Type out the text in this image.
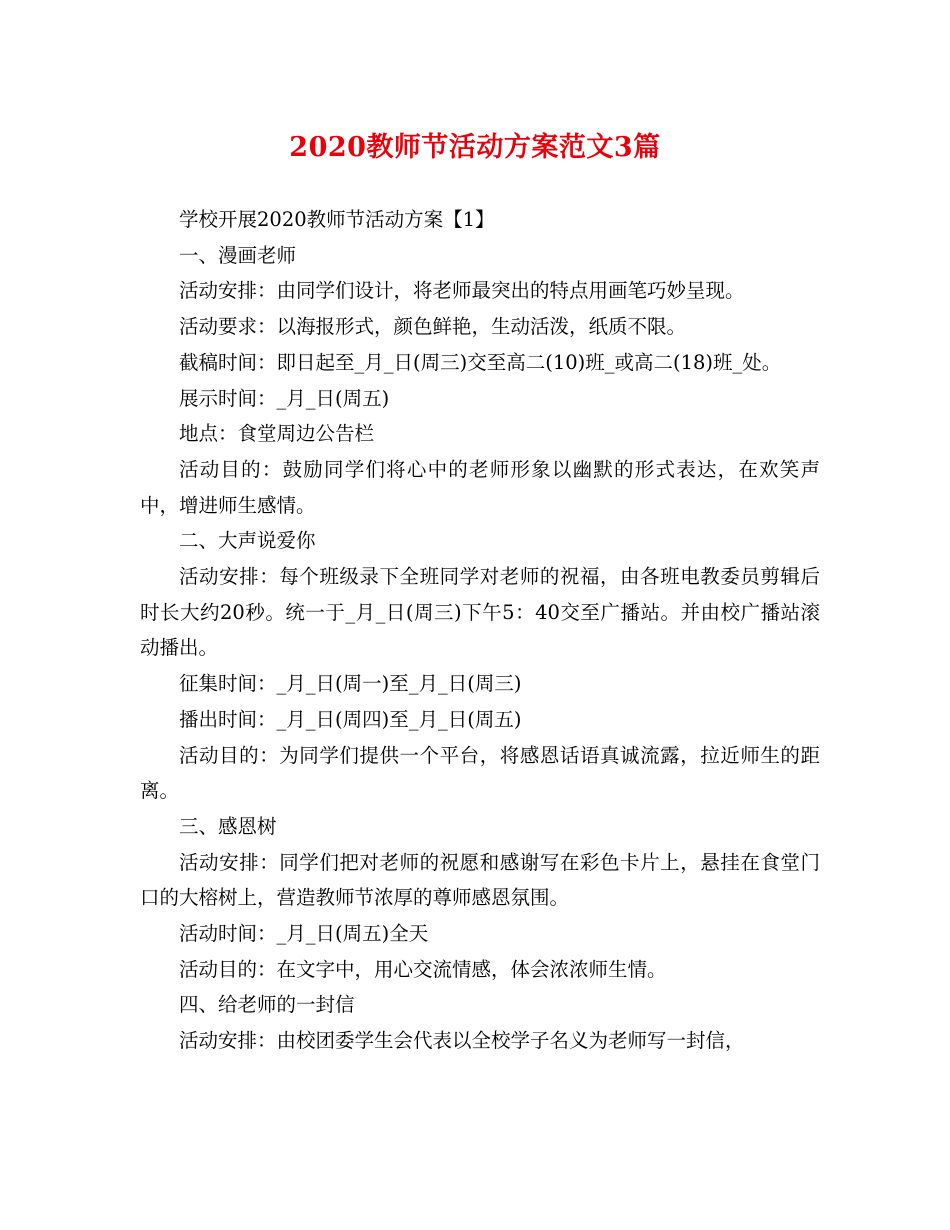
2020教师节活动方案范文3篇

学校开展2020教师节活动方案【1】

一、漫画老师

活动安排：由同学们设计，将老师最突出的特点用画笔巧妙呈现。

活动要求：以海报形式，颜色鲜艳，生动活泼，纸质不限。

截稿时间：即日起至_月_日(周三)交至高二(10)班_或高二(18)班_处。

展示时间：_月_日(周五)

地点：食堂周边公告栏

活动目的：鼓励同学们将心中的老师形象以幽默的形式表达，在欢笑声中，增进师生感情。

二、大声说爱你

活动安排：每个班级录下全班同学对老师的祝福，由各班电教委员剪辑后时长大约20秒。统一于_月_日(周三)下午5：40交至广播站。并由校广播站滚动播出。

征集时间：_月_日(周一)至_月_日(周三)

播出时间：_月_日(周四)至_月_日(周五)

活动目的：为同学们提供一个平台，将感恩话语真诚流露，拉近师生的距离。

三、感恩树

活动安排：同学们把对老师的祝愿和感谢写在彩色卡片上，悬挂在食堂门口的大榕树上，营造教师节浓厚的尊师感恩氛围。

活动时间：_月_日(周五)全天

活动目的：在文字中，用心交流情感，体会浓浓师生情。

四、给老师的一封信

活动安排：由校团委学生会代表以全校学子名义为老师写一封信，
